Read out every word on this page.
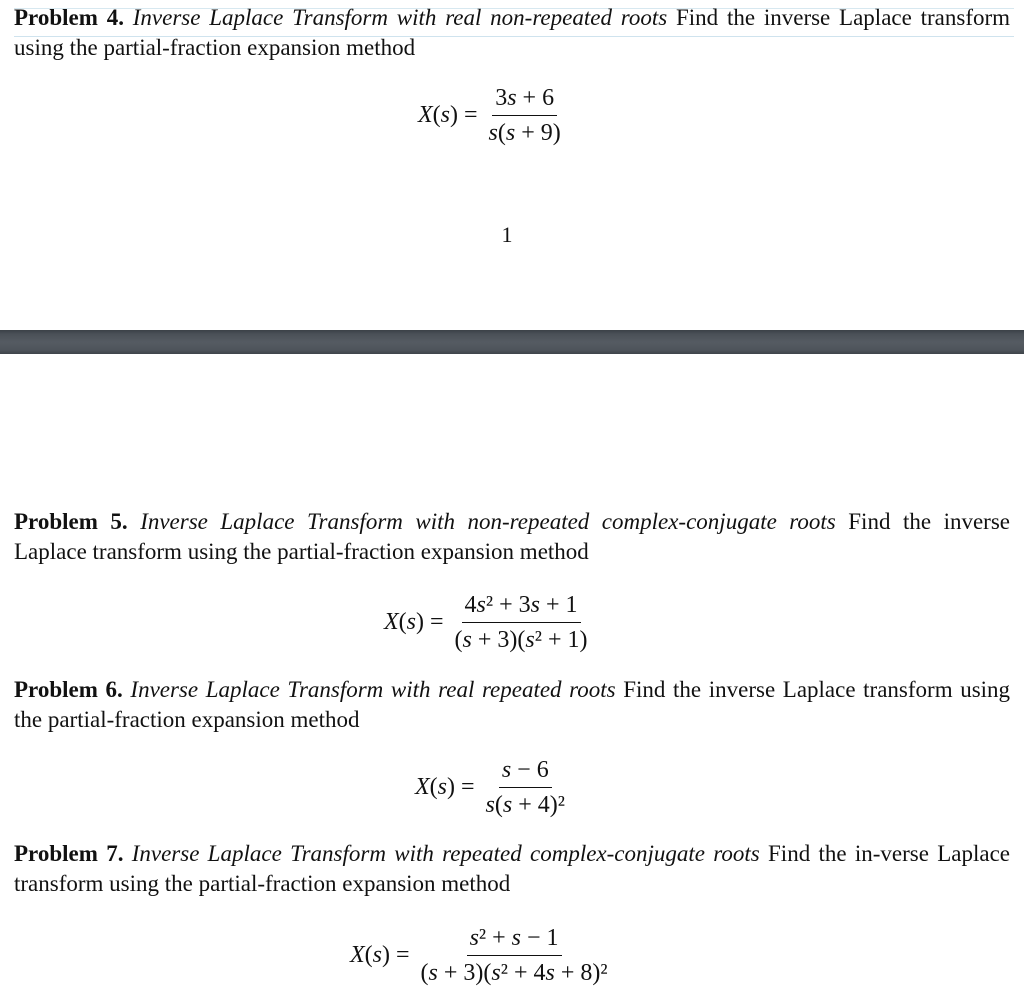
Problem 4. Inverse Laplace Transform with real non-repeated roots Find the inverse Laplace transform using the partial-fraction expansion method

$X(s) = \frac{3s + 6}{s(s + 9)}$
1

Problem 5. Inverse Laplace Transform with non-repeated complex-conjugate roots Find the inverse Laplace transform using the partial-fraction expansion method

$X(s) = \frac{\text{4s² + 3s + 1}}{\text{(s + 3)(s² + 1)}}$

Problem 6. Inverse Laplace Transform with real repeated roots Find the inverse Laplace transform using the partial-fraction expansion method

$X(s) = \frac{s - 6}{\text{s(s + 4)²}}$

Problem 7. Inverse Laplace Transform with repeated complex-conjugate roots Find the in-verse Laplace transform using the partial-fraction expansion method

$X(s) = \frac{\text{s² + s − 1}}{\text{(s + 3)(s² + 4s + 8)²}}$
